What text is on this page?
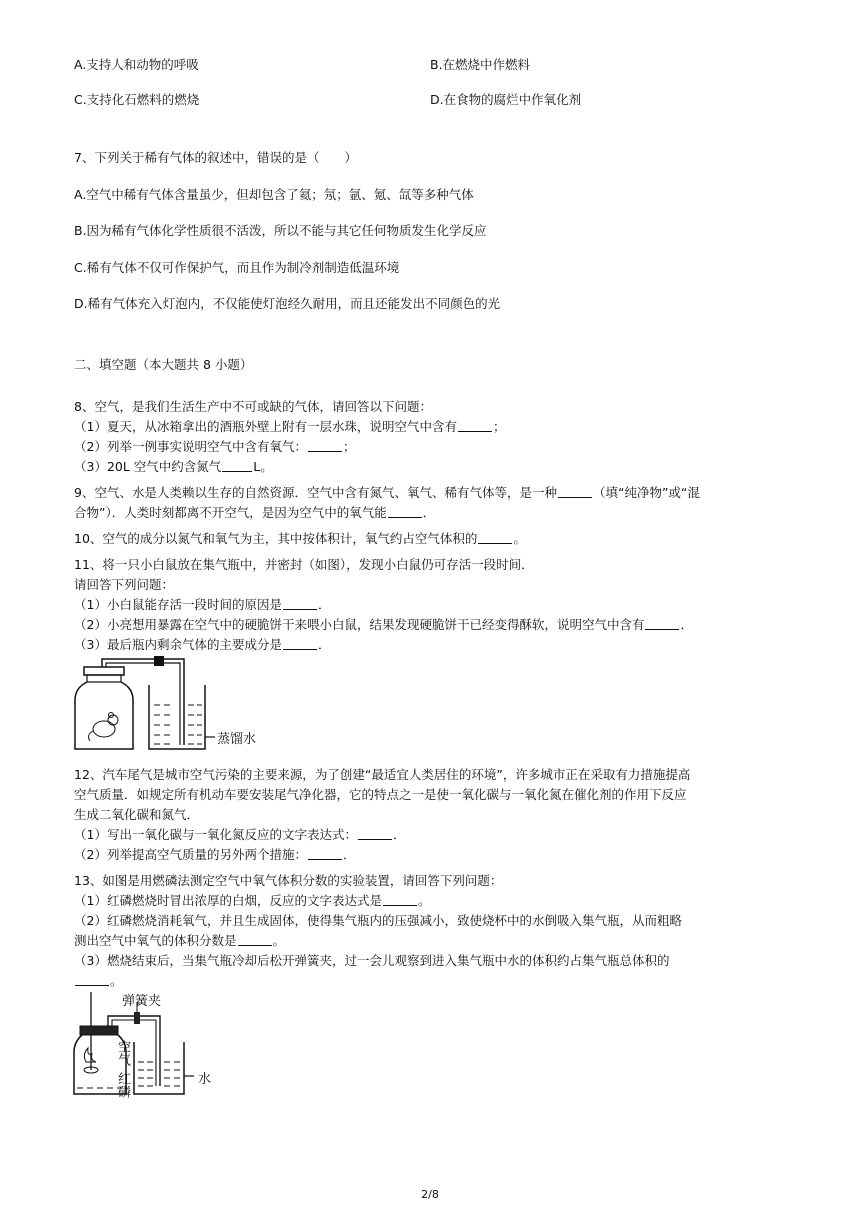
A.支持人和动物的呼吸	B.在燃烧中作燃料
C.支持化石燃料的燃烧	D.在食物的腐烂中作氧化剂
7、下列关于稀有气体的叙述中，错误的是（　　）
A.空气中稀有气体含量虽少，但却包含了氦；氖；氩、氪、氙等多种气体
B.因为稀有气体化学性质很不活泼，所以不能与其它任何物质发生化学反应
C.稀有气体不仅可作保护气，而且作为制冷剂制造低温环境
D.稀有气体充入灯泡内，不仅能使灯泡经久耐用，而且还能发出不同颜色的光
二、填空题（本大题共 8 小题）
8、空气，是我们生活生产中不可或缺的气体，请回答以下问题：
（1）夏天，从冰箱拿出的酒瓶外壁上附有一层水珠，说明空气中含有	；
（2）列举一例事实说明空气中含有氧气：	；
（3）20L 空气中约含氮气	L。
9、空气、水是人类赖以生存的自然资源．空气中含有氮气、氧气、稀有气体等，是一种	（填“纯净物”或“混
合物”）．人类时刻都离不开空气，是因为空气中的氧气能	．
10、空气的成分以氮气和氧气为主，其中按体积计，氧气约占空气体积的	。
11、将一只小白鼠放在集气瓶中，并密封（如图），发现小白鼠仍可存活一段时间．
请回答下列问题：
（1）小白鼠能存活一段时间的原因是	．
（2）小亮想用暴露在空气中的硬脆饼干来喂小白鼠，结果发现硬脆饼干已经变得酥软，说明空气中含有	．
（3）最后瓶内剩余气体的主要成分是	．
蒸馏水
12、汽车尾气是城市空气污染的主要来源，为了创建“最适宜人类居住的环境”，许多城市正在采取有力措施提高
空气质量．如规定所有机动车要安装尾气净化器，它的特点之一是使一氧化碳与一氧化氮在催化剂的作用下反应
生成二氧化碳和氮气．
（1）写出一氧化碳与一氧化氮反应的文字表达式：	．
（2）列举提高空气质量的另外两个措施：	．
13、如图是用燃磷法测定空气中氧气体积分数的实验装置，请回答下列问题：
（1）红磷燃烧时冒出浓厚的白烟，反应的文字表达式是	。
（2）红磷燃烧消耗氧气，并且生成固体，使得集气瓶内的压强减小，致使烧杯中的水倒吸入集气瓶，从而粗略
测出空气中氧气的体积分数是	。
（3）燃烧结束后，当集气瓶冷却后松开弹簧夹，过一会儿观察到进入集气瓶中水的体积约占集气瓶总体积的
。
弹簧夹
空气
红磷	水
2/8
